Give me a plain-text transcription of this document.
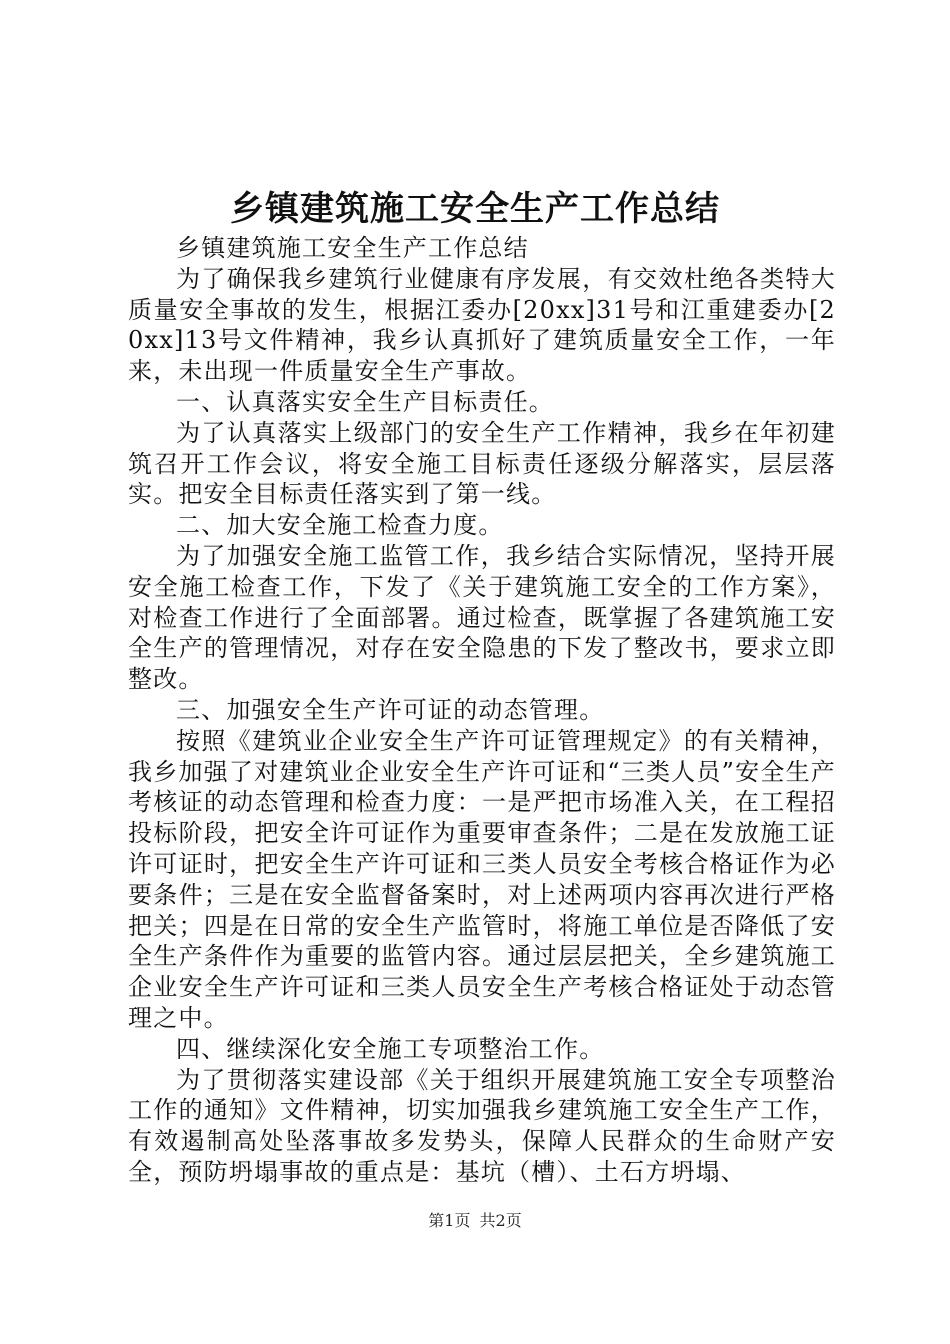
乡镇建筑施工安全生产工作总结

乡镇建筑施工安全生产工作总结

为了确保我乡建筑行业健康有序发展，有交效杜绝各类特大质量安全事故的发生，根据江委办[20xx]31号和江重建委办[20xx]13号文件精神，我乡认真抓好了建筑质量安全工作，一年来，未出现一件质量安全生产事故。

一、认真落实安全生产目标责任。

为了认真落实上级部门的安全生产工作精神，我乡在年初建筑召开工作会议，将安全施工目标责任逐级分解落实，层层落实。把安全目标责任落实到了第一线。

二、加大安全施工检查力度。

为了加强安全施工监管工作，我乡结合实际情况，坚持开展安全施工检查工作，下发了《关于建筑施工安全的工作方案》，对检查工作进行了全面部署。通过检查，既掌握了各建筑施工安全生产的管理情况，对存在安全隐患的下发了整改书，要求立即整改。

三、加强安全生产许可证的动态管理。

按照《建筑业企业安全生产许可证管理规定》的有关精神，我乡加强了对建筑业企业安全生产许可证和“三类人员”安全生产考核证的动态管理和检查力度：一是严把市场准入关，在工程招投标阶段，把安全许可证作为重要审查条件；二是在发放施工证许可证时，把安全生产许可证和三类人员安全考核合格证作为必要条件；三是在安全监督备案时，对上述两项内容再次进行严格把关；四是在日常的安全生产监管时，将施工单位是否降低了安全生产条件作为重要的监管内容。通过层层把关，全乡建筑施工企业安全生产许可证和三类人员安全生产考核合格证处于动态管理之中。

四、继续深化安全施工专项整治工作。

为了贯彻落实建设部《关于组织开展建筑施工安全专项整治工作的通知》文件精神，切实加强我乡建筑施工安全生产工作，有效遏制高处坠落事故多发势头，保障人民群众的生命财产安全，预防坍塌事故的重点是：基坑（槽）、土石方坍塌、

第1页 共2页
